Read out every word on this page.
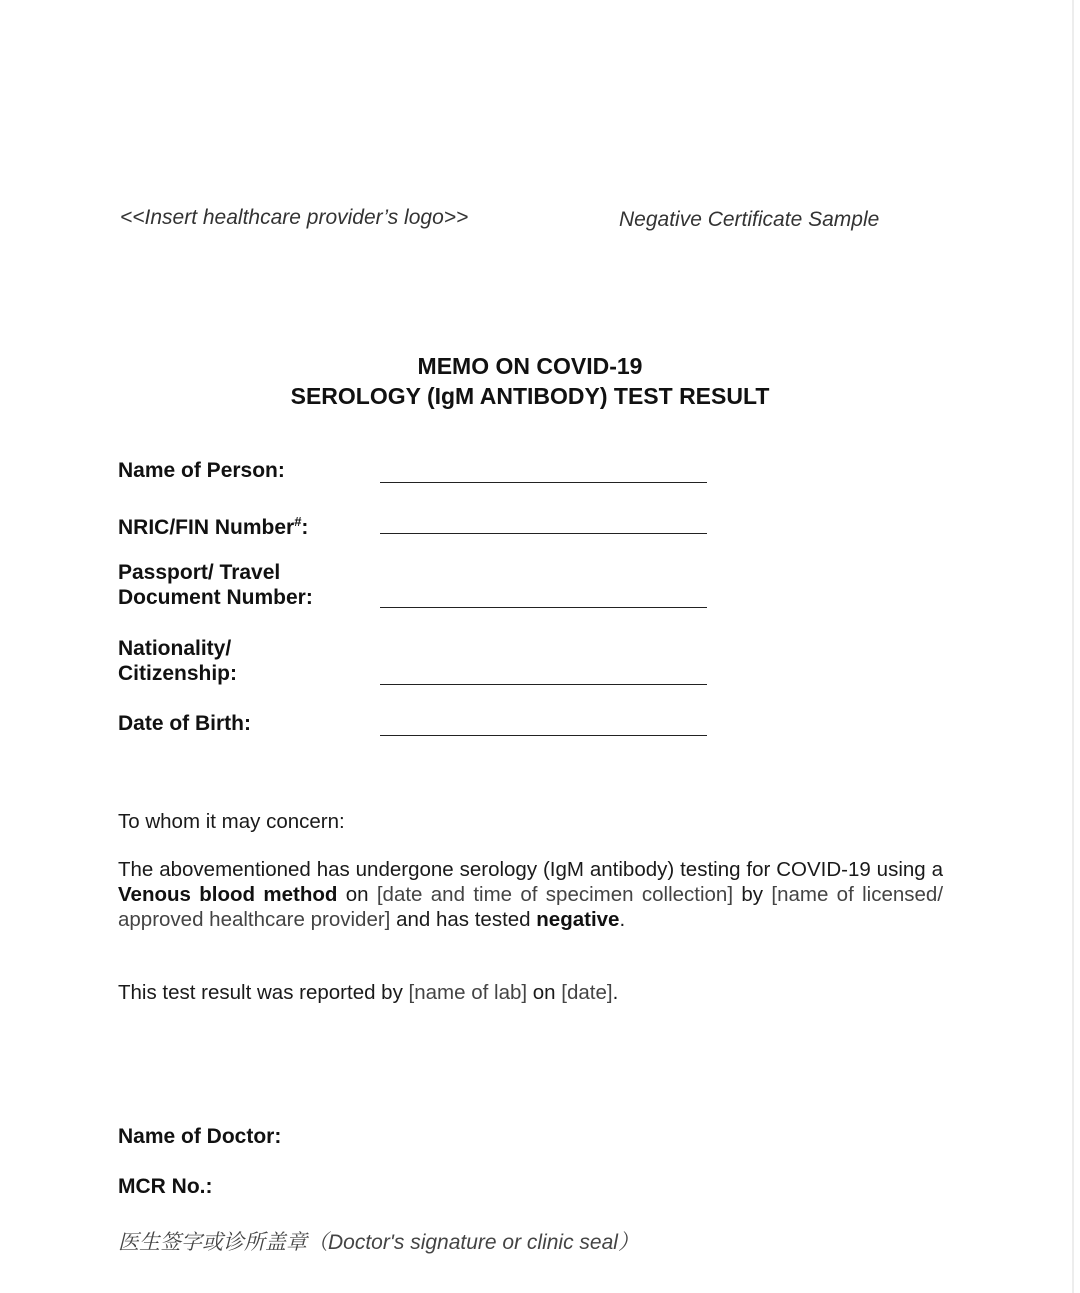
<<Insert healthcare provider’s logo>>	Negative Certificate Sample
MEMO ON COVID-19
SEROLOGY (IgM ANTIBODY) TEST RESULT
Name of Person:
NRIC/FIN Number#:
Passport/ Travel
Document Number:
Nationality/
Citizenship:
Date of Birth:
To whom it may concern:
The abovementioned has undergone serology (IgM antibody) testing for COVID-19 using a Venous blood method on [date and time of specimen collection] by [name of licensed/ approved healthcare provider] and has tested negative.
This test result was reported by [name of lab] on [date].
Name of Doctor:
MCR No.:
医生签字或诊所盖章（Doctor's signature or clinic seal）
